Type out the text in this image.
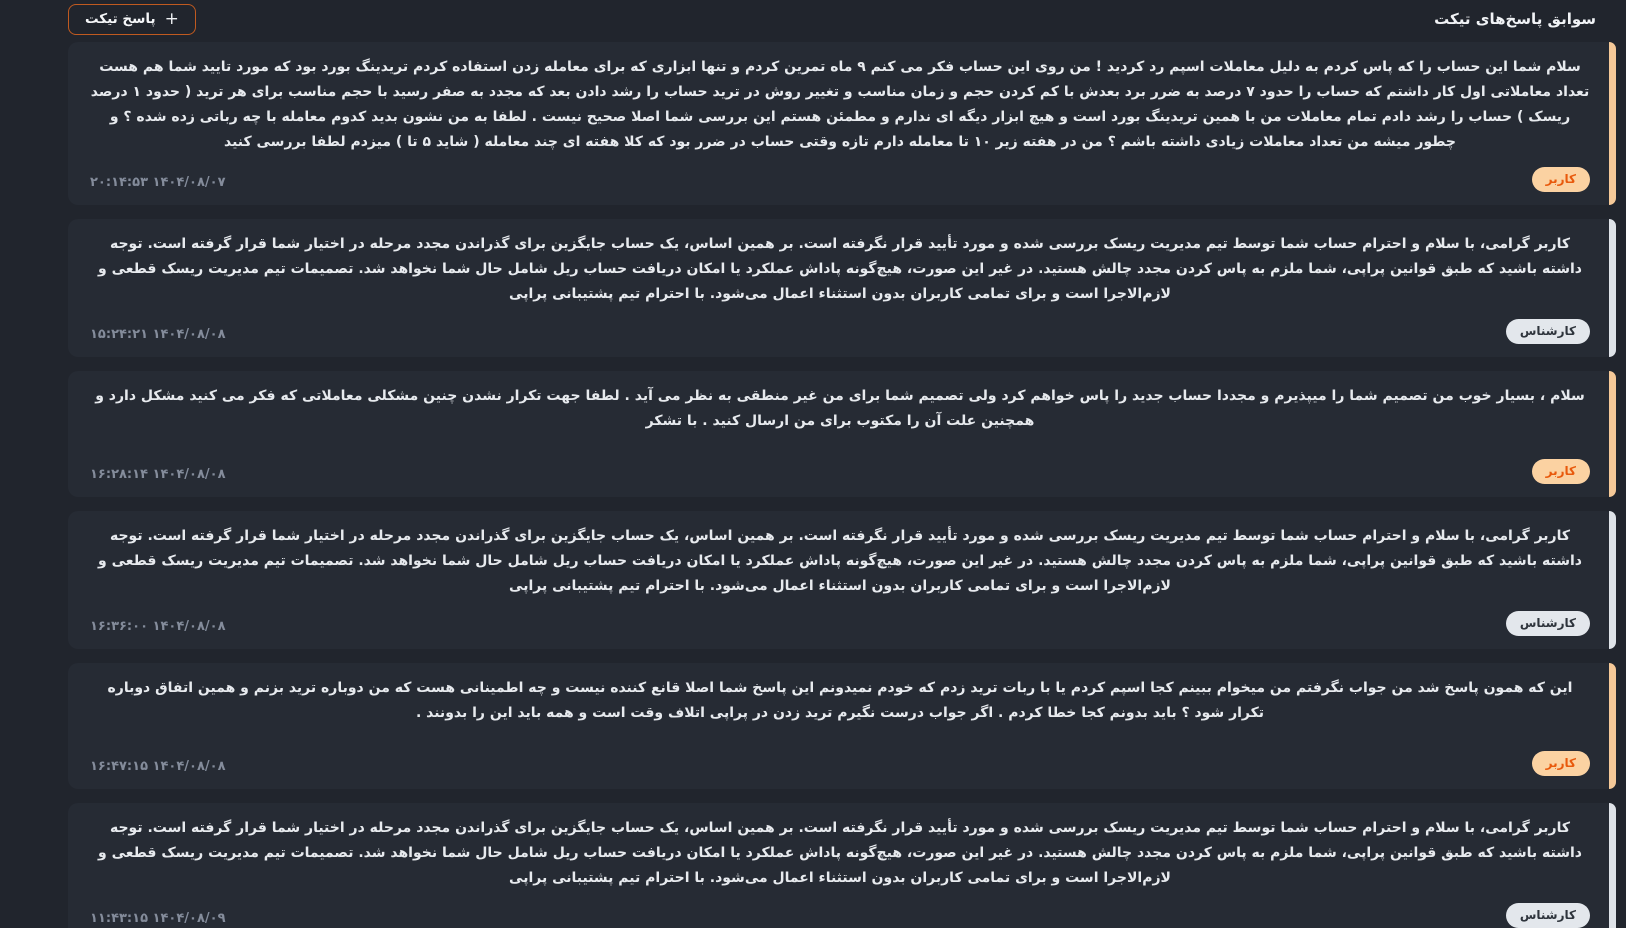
سوابق پاسخ‌های تیکت
+
پاسخ تیکت

سلام شما این حساب را که پاس کردم به دلیل معاملات اسپم رد کردید ! من روی این حساب فکر می کنم ۹ ماه تمرین کردم و تنها ابزاری که برای معامله زدن استفاده کردم تریدینگ بورد بود که مورد تایید شما هم هست تعداد معاملاتی اول کار داشتم که حساب را حدود ۷ درصد به ضرر برد بعدش با کم کردن حجم و زمان مناسب و تغییر روش در ترید حساب را رشد دادن بعد که مجدد به صفر رسید با حجم مناسب برای هر ترید ( حدود ۱ درصد ریسک ) حساب را رشد دادم تمام معاملات من با همین تریدینگ بورد است و هیچ ابزار دیگه ای ندارم و مطمئن هستم این بررسی شما اصلا صحیح نیست . لطفا به من نشون بدید کدوم معامله با چه رباتی زده شده ؟ و چطور میشه من تعداد معاملات زیادی داشته باشم ؟ من در هفته زیر ۱۰ تا معامله دارم تازه وقتی حساب در ضرر بود که کلا هفته ای چند معامله ( شاید ۵ تا ) میزدم لطفا بررسی کنید

کاربر
۲۰:۱۴:۵۳ ۱۴۰۴/۰۸/۰۷

کاربر گرامی، با سلام و احترام حساب شما توسط تیم مدیریت ریسک بررسی شده و مورد تأیید قرار نگرفته است. بر همین اساس، یک حساب جایگزین برای گذراندن مجدد مرحله در اختیار شما قرار گرفته است. توجه داشته باشید که طبق قوانین پراپی، شما ملزم به پاس کردن مجدد چالش هستید. در غیر این صورت، هیچ‌گونه پاداش عملکرد یا امکان دریافت حساب ریل شامل حال شما نخواهد شد. تصمیمات تیم مدیریت ریسک قطعی و لازم‌الاجرا است و برای تمامی کاربران بدون استثناء اعمال می‌شود. با احترام تیم پشتیبانی پراپی

کارشناس
۱۵:۲۴:۲۱ ۱۴۰۴/۰۸/۰۸

سلام ، بسیار خوب من تصمیم شما را میپذیرم و مجددا حساب جدید را پاس خواهم کرد ولی تصمیم شما برای من غیر منطقی به نظر می آید . لطفا جهت تکرار نشدن چنین مشکلی معاملاتی که فکر می کنید مشکل دارد و همچنین علت آن را مکتوب برای من ارسال کنید . با تشکر

کاربر
۱۶:۲۸:۱۴ ۱۴۰۴/۰۸/۰۸

کاربر گرامی، با سلام و احترام حساب شما توسط تیم مدیریت ریسک بررسی شده و مورد تأیید قرار نگرفته است. بر همین اساس، یک حساب جایگزین برای گذراندن مجدد مرحله در اختیار شما قرار گرفته است. توجه داشته باشید که طبق قوانین پراپی، شما ملزم به پاس کردن مجدد چالش هستید. در غیر این صورت، هیچ‌گونه پاداش عملکرد یا امکان دریافت حساب ریل شامل حال شما نخواهد شد. تصمیمات تیم مدیریت ریسک قطعی و لازم‌الاجرا است و برای تمامی کاربران بدون استثناء اعمال می‌شود. با احترام تیم پشتیبانی پراپی

کارشناس
۱۶:۳۶:۰۰ ۱۴۰۴/۰۸/۰۸

این که همون پاسخ شد من جواب نگرفتم من میخوام ببینم کجا اسپم کردم یا با ربات ترید زدم که خودم نمیدونم این پاسخ شما اصلا قانع کننده نیست و چه اطمینانی هست که من دوباره ترید بزنم و همین اتفاق دوباره تکرار شود ؟ باید بدونم کجا خطا کردم . اگر جواب درست نگیرم ترید زدن در پراپی اتلاف وقت است و همه باید این را بدونند .

کاربر
۱۶:۴۷:۱۵ ۱۴۰۴/۰۸/۰۸

کاربر گرامی، با سلام و احترام حساب شما توسط تیم مدیریت ریسک بررسی شده و مورد تأیید قرار نگرفته است. بر همین اساس، یک حساب جایگزین برای گذراندن مجدد مرحله در اختیار شما قرار گرفته است. توجه داشته باشید که طبق قوانین پراپی، شما ملزم به پاس کردن مجدد چالش هستید. در غیر این صورت، هیچ‌گونه پاداش عملکرد یا امکان دریافت حساب ریل شامل حال شما نخواهد شد. تصمیمات تیم مدیریت ریسک قطعی و لازم‌الاجرا است و برای تمامی کاربران بدون استثناء اعمال می‌شود. با احترام تیم پشتیبانی پراپی

کارشناس
۱۱:۴۳:۱۵ ۱۴۰۴/۰۸/۰۹
